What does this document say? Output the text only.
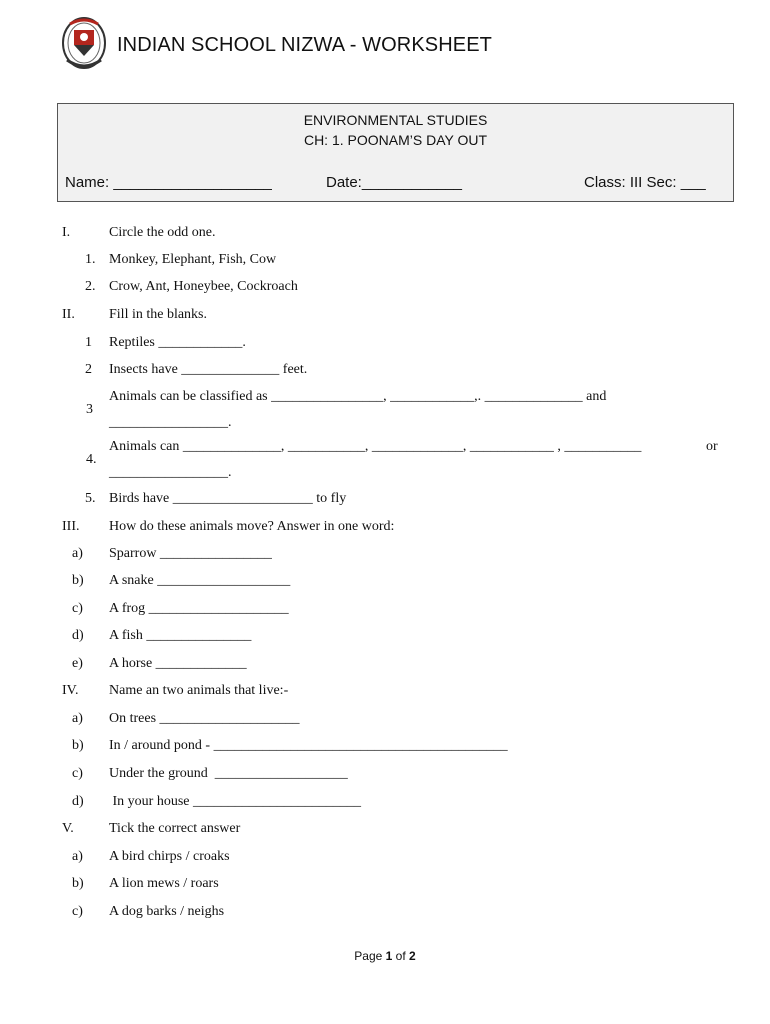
INDIAN SCHOOL NIZWA - WORKSHEET
ENVIRONMENTAL STUDIES
CH: 1. POONAM’S DAY OUT
Name: ___________________	Date:____________	Class: III Sec: ___
I.	Circle the odd one.
1. Monkey, Elephant, Fish, Cow
2. Crow, Ant, Honeybee, Cockroach
II. Fill in the blanks.
1 Reptiles ____________.
2 Insects have ______________ feet.
3
Animals can be classified as ________________, ____________,. ______________ and
_________________.
4.
Animals can ______________, ___________, _____________, ____________ , ___________	or
_________________.
5. Birds have ____________________ to fly
III. How do these animals move? Answer in one word:
a) Sparrow ________________
b) A snake ___________________
c) A frog ____________________
d) A fish _______________
e) A horse _____________
IV. Name an two animals that live:-
a) On trees ____________________
b) In / around pond - __________________________________________
c) Under the ground  ___________________
d) In your house ________________________
V.	Tick the correct answer
a) A bird chirps / croaks
b) A lion mews / roars
c) A dog barks / neighs
Page 1 of 2
